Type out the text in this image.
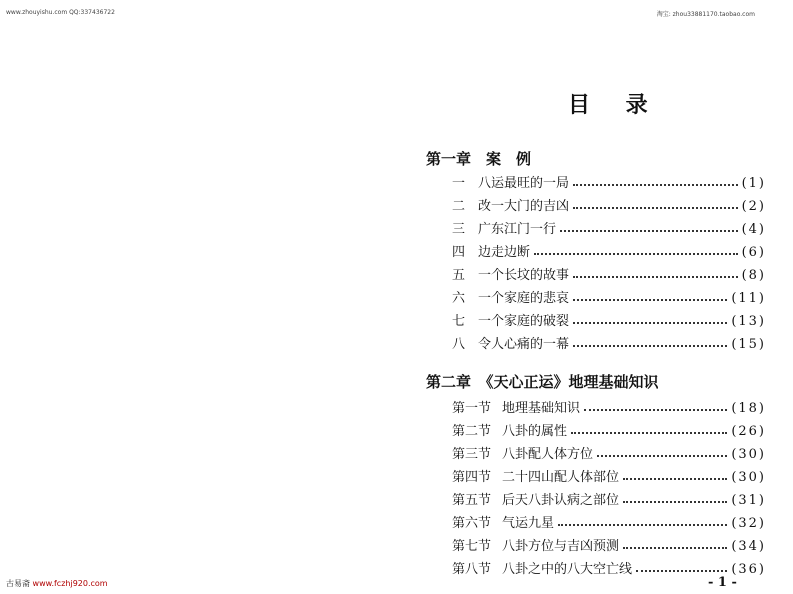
www.zhouyishu.com QQ:337436722	淘宝: zhou33881170.taobao.com
目 录
第一章　案　例
一 八运最旺的一局	(1)
二 改一大门的吉凶	(2)
三 广东江门一行	(4)
四 边走边断	(6)
五 一个长坟的故事	(8)
六 一个家庭的悲哀	(11)
七 一个家庭的破裂	(13)
八 令人心痛的一幕	(15)
第二章　《天心正运》地理基础知识
第一节 地理基础知识	(18)
第二节 八卦的属性	(26)
第三节 八卦配人体方位	(30)
第四节 二十四山配人体部位	(30)
第五节 后天八卦认病之部位	(31)
第六节 气运九星	(32)
第七节 八卦方位与吉凶预测	(34)
第八节 八卦之中的八大空亡线	(36)
古易斋 www.fczhj920.com	- 1 -
